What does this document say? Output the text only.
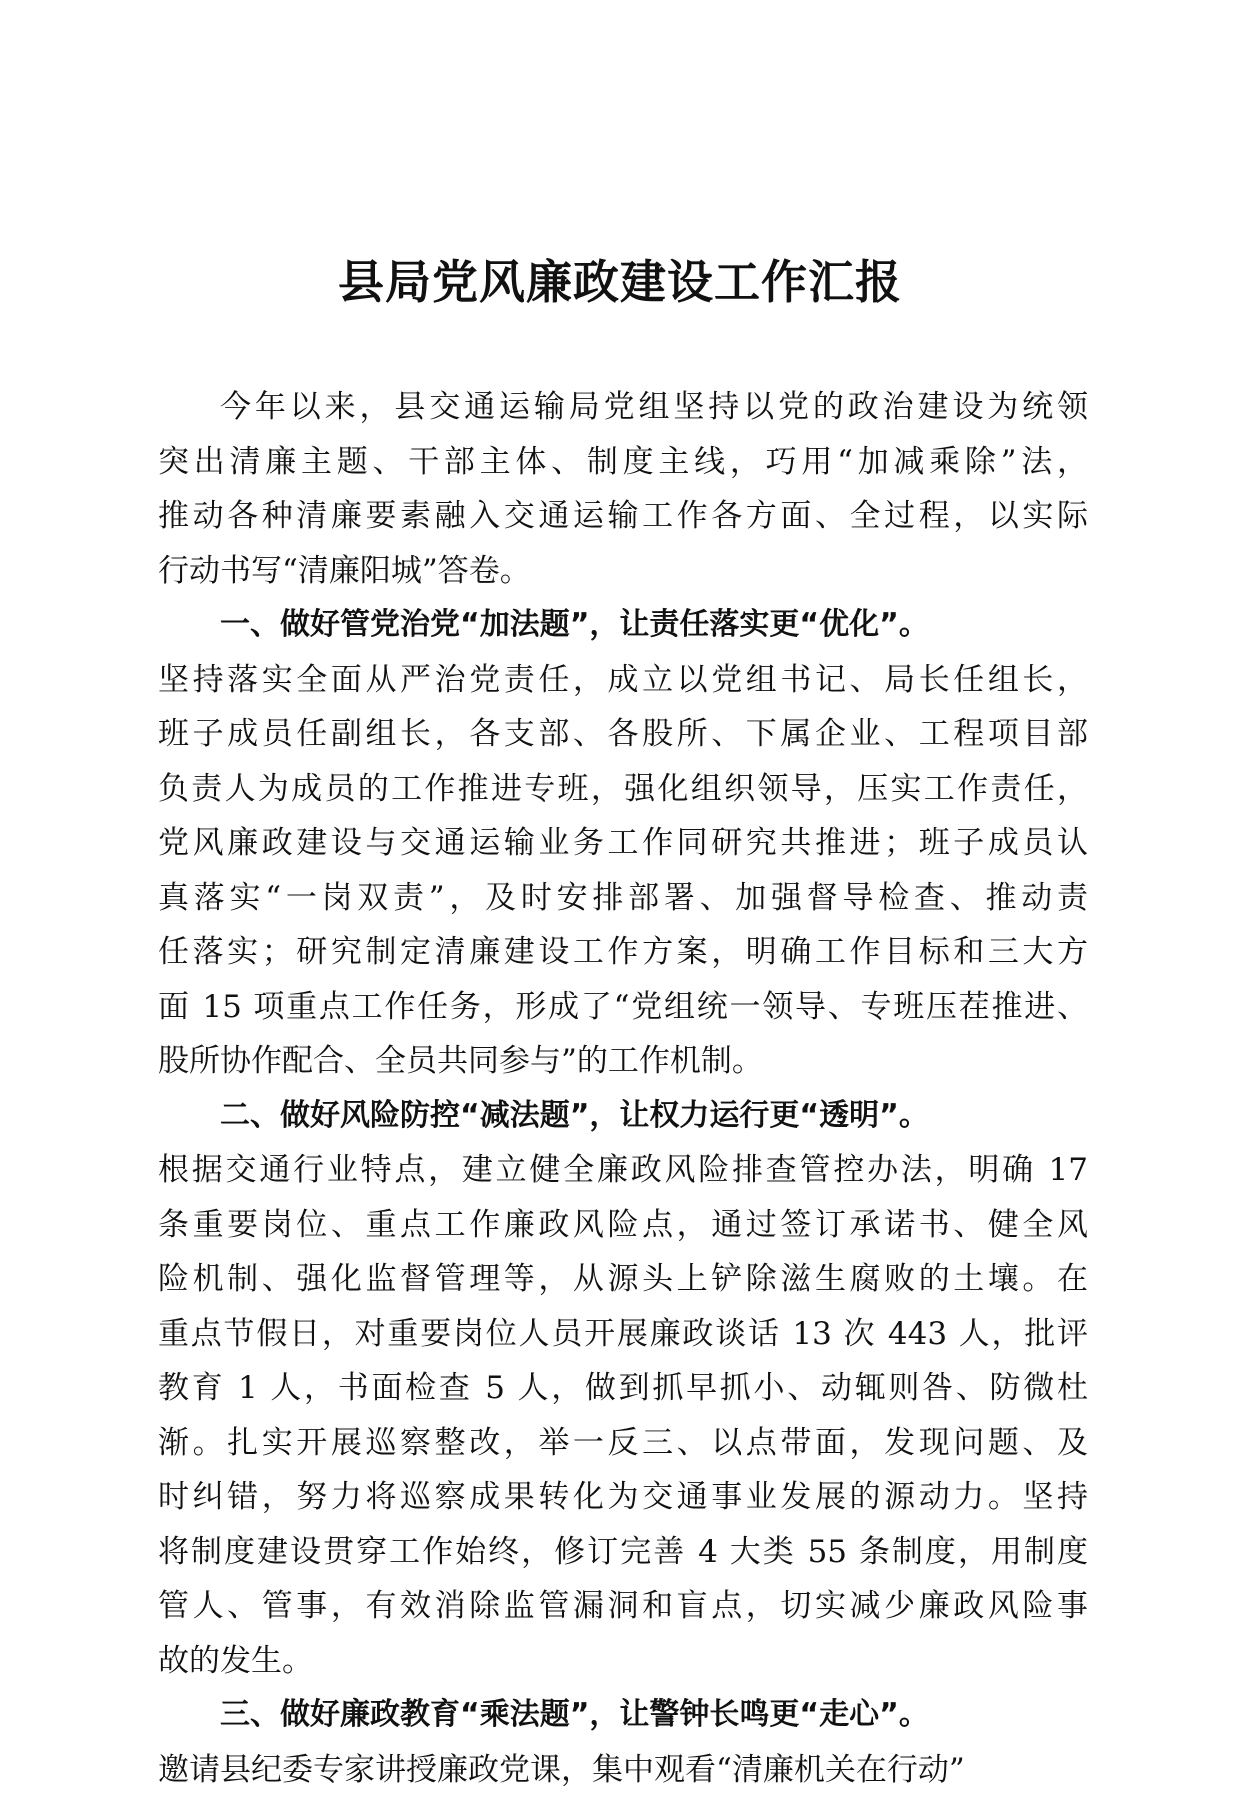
县局党风廉政建设工作汇报
今年以来，县交通运输局党组坚持以党的政治建设为统领
突出清廉主题、干部主体、制度主线，巧用“加减乘除”法，
推动各种清廉要素融入交通运输工作各方面、全过程，以实际
行动书写“清廉阳城”答卷。
一、做好管党治党“加法题”，让责任落实更“优化”。
坚持落实全面从严治党责任，成立以党组书记、局长任组长，
班子成员任副组长，各支部、各股所、下属企业、工程项目部
负责人为成员的工作推进专班，强化组织领导，压实工作责任，
党风廉政建设与交通运输业务工作同研究共推进；班子成员认
真落实“一岗双责”，及时安排部署、加强督导检查、推动责
任落实；研究制定清廉建设工作方案，明确工作目标和三大方
面 15 项重点工作任务，形成了“党组统一领导、专班压茬推进、
股所协作配合、全员共同参与”的工作机制。
二、做好风险防控“减法题”，让权力运行更“透明”。
根据交通行业特点，建立健全廉政风险排查管控办法，明确 17
条重要岗位、重点工作廉政风险点，通过签订承诺书、健全风
险机制、强化监督管理等，从源头上铲除滋生腐败的土壤。在
重点节假日，对重要岗位人员开展廉政谈话 13 次 443 人，批评
教育 1 人，书面检查 5 人，做到抓早抓小、动辄则咎、防微杜
渐。扎实开展巡察整改，举一反三、以点带面，发现问题、及
时纠错，努力将巡察成果转化为交通事业发展的源动力。坚持
将制度建设贯穿工作始终，修订完善 4 大类 55 条制度，用制度
管人、管事，有效消除监管漏洞和盲点，切实减少廉政风险事
故的发生。
三、做好廉政教育“乘法题”，让警钟长鸣更“走心”。
邀请县纪委专家讲授廉政党课，集中观看“清廉机关在行动”
